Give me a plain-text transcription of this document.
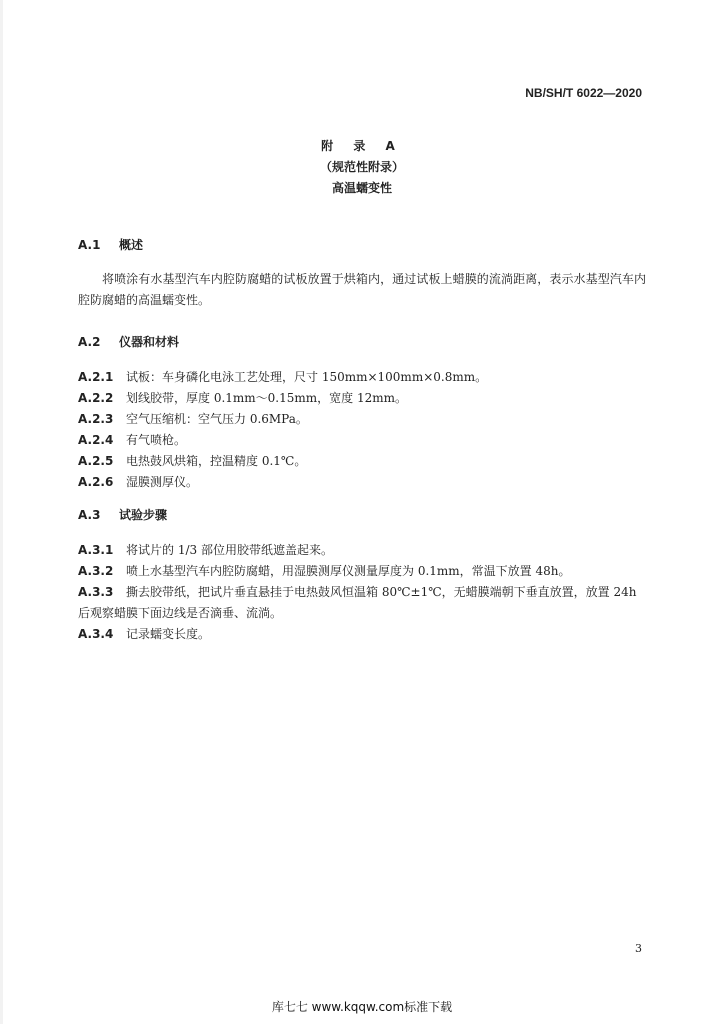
NB/SH/T 6022—2020
附 录 A
（规范性附录）
高温蠕变性
A.1 概述
将喷涂有水基型汽车内腔防腐蜡的试板放置于烘箱内，通过试板上蜡膜的流淌距离，表示水基型汽车内腔防腐蜡的高温蠕变性。
A.2 仪器和材料
A.2.1 试板：车身磷化电泳工艺处理，尺寸 150mm×100mm×0.8mm。
A.2.2 划线胶带，厚度 0.1mm～0.15mm，宽度 12mm。
A.2.3 空气压缩机：空气压力 0.6MPa。
A.2.4 有气喷枪。
A.2.5 电热鼓风烘箱，控温精度 0.1℃。
A.2.6 湿膜测厚仪。
A.3 试验步骤
A.3.1 将试片的 1/3 部位用胶带纸遮盖起来。
A.3.2 喷上水基型汽车内腔防腐蜡，用湿膜测厚仪测量厚度为 0.1mm，常温下放置 48h。
A.3.3 撕去胶带纸，把试片垂直悬挂于电热鼓风恒温箱 80℃±1℃，无蜡膜端朝下垂直放置，放置 24h 后观察蜡膜下面边线是否滴垂、流淌。
A.3.4 记录蠕变长度。
3
库七七 www.kqqw.com标准下载
